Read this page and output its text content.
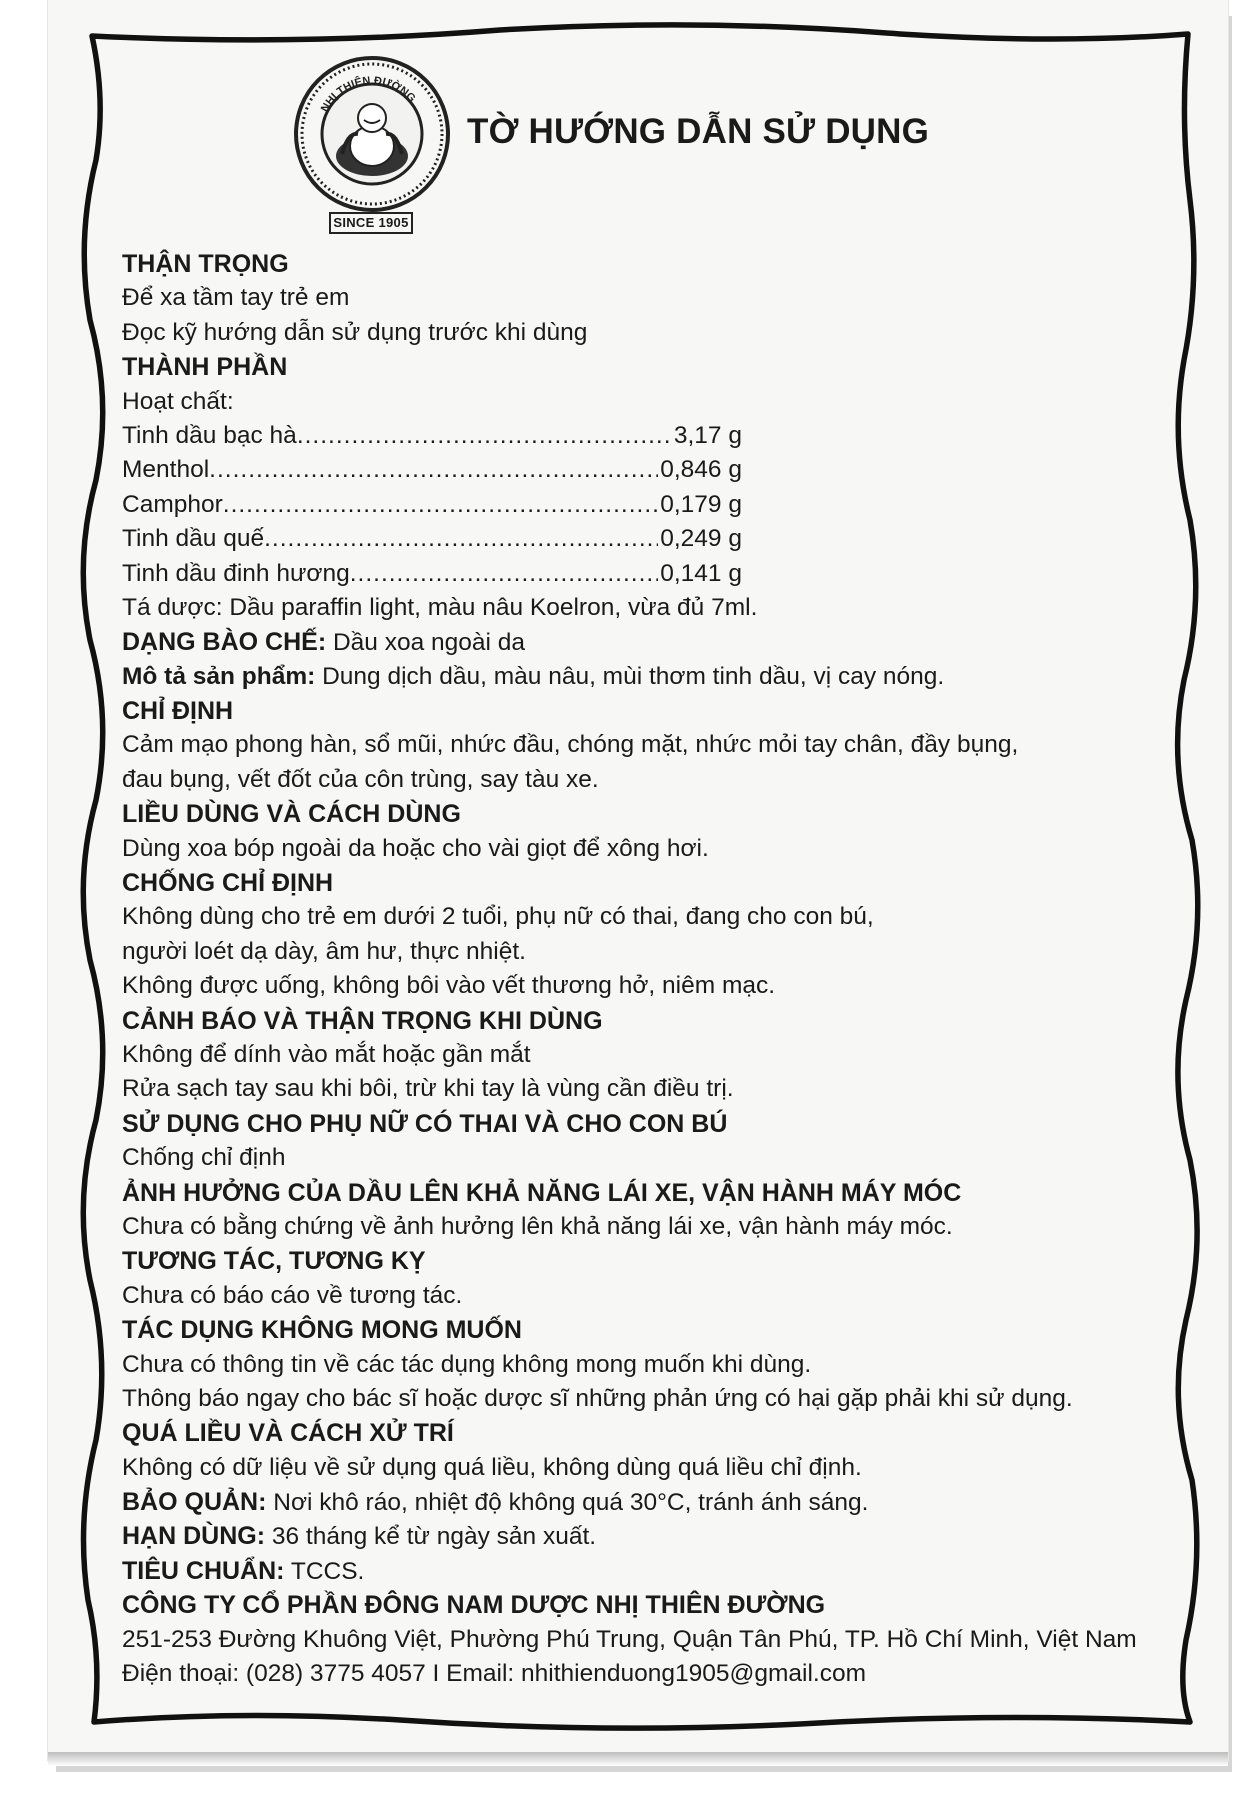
NHỊ THIÊN ĐƯỜNG
SINCE 1905
TỜ HƯỚNG DẪN SỬ DỤNG
THẬN TRỌNG
Để xa tầm tay trẻ em
Đọc kỹ hướng dẫn sử dụng trước khi dùng
THÀNH PHẦN
Hoạt chất:
Tinh dầu bạc hà .....	3,17 g
Menthol .....	0,846 g
Camphor .....	0,179 g
Tinh dầu quế .....	0,249 g
Tinh dầu đinh hương .....	0,141 g
Tá dược: Dầu paraffin light, màu nâu Koelron, vừa đủ 7ml.
DẠNG BÀO CHẾ: Dầu xoa ngoài da
Mô tả sản phẩm: Dung dịch dầu, màu nâu, mùi thơm tinh dầu, vị cay nóng.
CHỈ ĐỊNH
Cảm mạo phong hàn, sổ mũi, nhức đầu, chóng mặt, nhức mỏi tay chân, đầy bụng,
đau bụng, vết đốt của côn trùng, say tàu xe.
LIỀU DÙNG VÀ CÁCH DÙNG
Dùng xoa bóp ngoài da hoặc cho vài giọt để xông hơi.
CHỐNG CHỈ ĐỊNH
Không dùng cho trẻ em dưới 2 tuổi, phụ nữ có thai, đang cho con bú,
người loét dạ dày, âm hư, thực nhiệt.
Không được uống, không bôi vào vết thương hở, niêm mạc.
CẢNH BÁO VÀ THẬN TRỌNG KHI DÙNG
Không để dính vào mắt hoặc gần mắt
Rửa sạch tay sau khi bôi, trừ khi tay là vùng cần điều trị.
SỬ DỤNG CHO PHỤ NỮ CÓ THAI VÀ CHO CON BÚ
Chống chỉ định
ẢNH HƯỞNG CỦA DẦU LÊN KHẢ NĂNG LÁI XE, VẬN HÀNH MÁY MÓC
Chưa có bằng chứng về ảnh hưởng lên khả năng lái xe, vận hành máy móc.
TƯƠNG TÁC, TƯƠNG KỴ
Chưa có báo cáo về tương tác.
TÁC DỤNG KHÔNG MONG MUỐN
Chưa có thông tin về các tác dụng không mong muốn khi dùng.
Thông báo ngay cho bác sĩ hoặc dược sĩ những phản ứng có hại gặp phải khi sử dụng.
QUÁ LIỀU VÀ CÁCH XỬ TRÍ
Không có dữ liệu về sử dụng quá liều, không dùng quá liều chỉ định.
BẢO QUẢN: Nơi khô ráo, nhiệt độ không quá 30°C, tránh ánh sáng.
HẠN DÙNG: 36 tháng kể từ ngày sản xuất.
TIÊU CHUẨN: TCCS.
CÔNG TY CỔ PHẦN ĐÔNG NAM DƯỢC NHỊ THIÊN ĐƯỜNG
251-253 Đường Khuông Việt, Phường Phú Trung, Quận Tân Phú, TP. Hồ Chí Minh, Việt Nam
Điện thoại: (028) 3775 4057 I Email: nhithienduong1905@gmail.com
